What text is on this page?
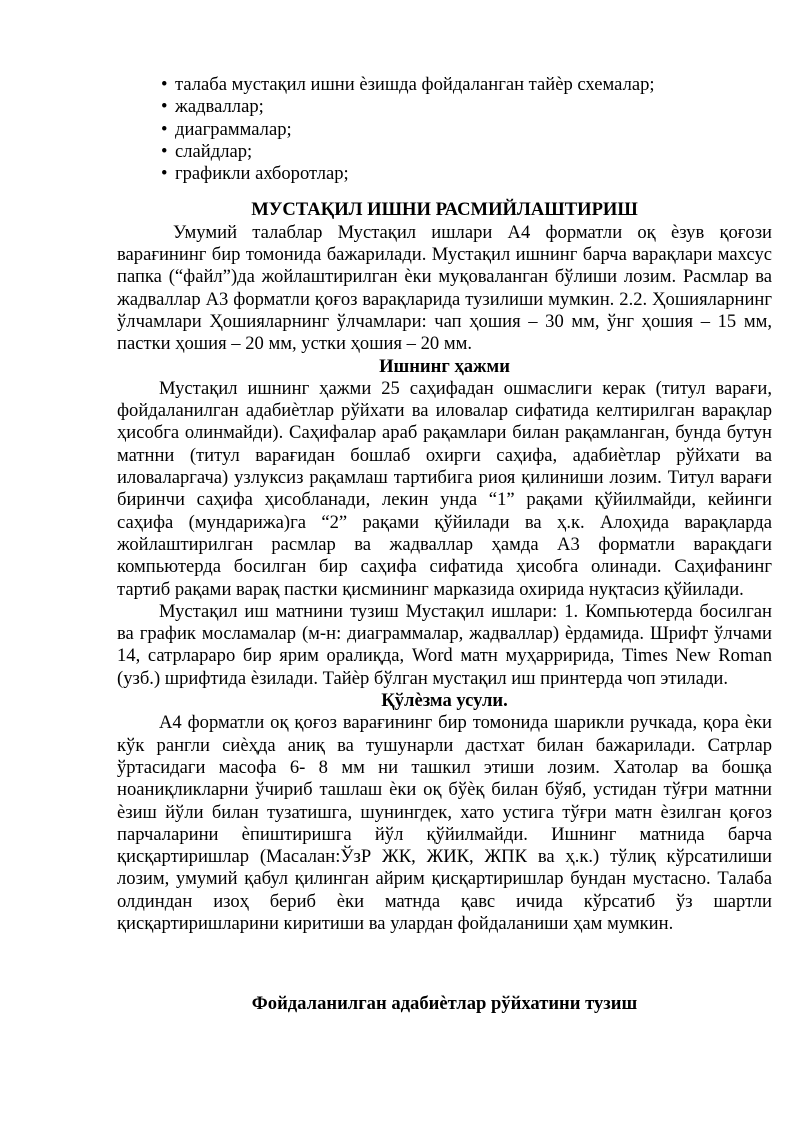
• талаба мустақил ишни ѐзишда фойдаланган тайѐр схемалар;
• жадваллар;
• диаграммалар;
• слайдлар;
• графикли ахборотлар;

МУСТАҚИЛ ИШНИ РАСМИЙЛАШТИРИШ

Умумий талаблар Мустақил ишлари А4 форматли оқ ѐзув қоғози варағининг бир томонида бажарилади. Мустақил ишнинг барча варақлари махсус папка (“файл”)да жойлаштирилган ѐки муқоваланган бўлиши лозим. Расмлар ва жадваллар А3 форматли қоғоз варақларида тузилиши мумкин. 2.2. Ҳошияларнинг ўлчамлари Ҳошияларнинг ўлчамлари: чап ҳошия – 30 мм, ўнг ҳошия – 15 мм, пастки ҳошия – 20 мм, устки ҳошия – 20 мм.

Ишнинг ҳажми

Мустақил ишнинг ҳажми 25 саҳифадан ошмаслиги керак (титул варағи, фойдаланилган адабиѐтлар рўйхати ва иловалар сифатида келтирилган варақлар ҳисобга олинмайди). Саҳифалар араб рақамлари билан рақамланган, бунда бутун матнни (титул варағидан бошлаб охирги саҳифа, адабиѐтлар рўйхати ва иловаларгача) узлуксиз рақамлаш тартибига риоя қилиниши лозим. Титул варағи биринчи саҳифа ҳисобланади, лекин унда “1” рақами қўйилмайди, кейинги саҳифа (мундарижа)га “2” рақами қўйилади ва ҳ.к. Алоҳида варақларда жойлаштирилган расмлар ва жадваллар ҳамда А3 форматли варақдаги компьютерда босилган бир саҳифа сифатида ҳисобга олинади. Саҳифанинг тартиб рақами варақ пастки қисмининг марказида охирида нуқтасиз қўйилади.

Мустақил иш матнини тузиш Мустақил ишлари: 1. Компьютерда босилган ва график мосламалар (м-н: диаграммалар, жадваллар) ѐрдамида. Шрифт ўлчами 14, сатрлараро бир ярим оралиқда, Word матн муҳарририда, Times New Roman (узб.) шрифтида ѐзилади. Тайѐр бўлган мустақил иш принтерда чоп этилади.

Қўлѐзма усули.

А4 форматли оқ қоғоз варағининг бир томонида шарикли ручкада, қора ѐки кўк рангли сиѐҳда аниқ ва тушунарли дастхат билан бажарилади. Сатрлар ўртасидаги масофа 6- 8 мм ни ташкил этиши лозим. Хатолар ва бошқа ноаниқликларни ўчириб ташлаш ѐки оқ бўѐқ билан бўяб, устидан тўғри матнни ѐзиш йўли билан тузатишга, шунингдек, хато устига тўғри матн ѐзилган қоғоз парчаларини ѐпиштиришга йўл қўйилмайди. Ишнинг матнида барча қисқартиришлар (Масалан:ЎзР ЖК, ЖИК, ЖПК ва ҳ.к.) тўлиқ кўрсатилиши лозим, умумий қабул қилинган айрим қисқартиришлар бундан мустасно. Талаба олдиндан изоҳ бериб ѐки матнда қавс ичида кўрсатиб ўз шартли қисқартиришларини киритиши ва улардан фойдаланиши ҳам мумкин.

Фойдаланилган адабиѐтлар рўйхатини тузиш
